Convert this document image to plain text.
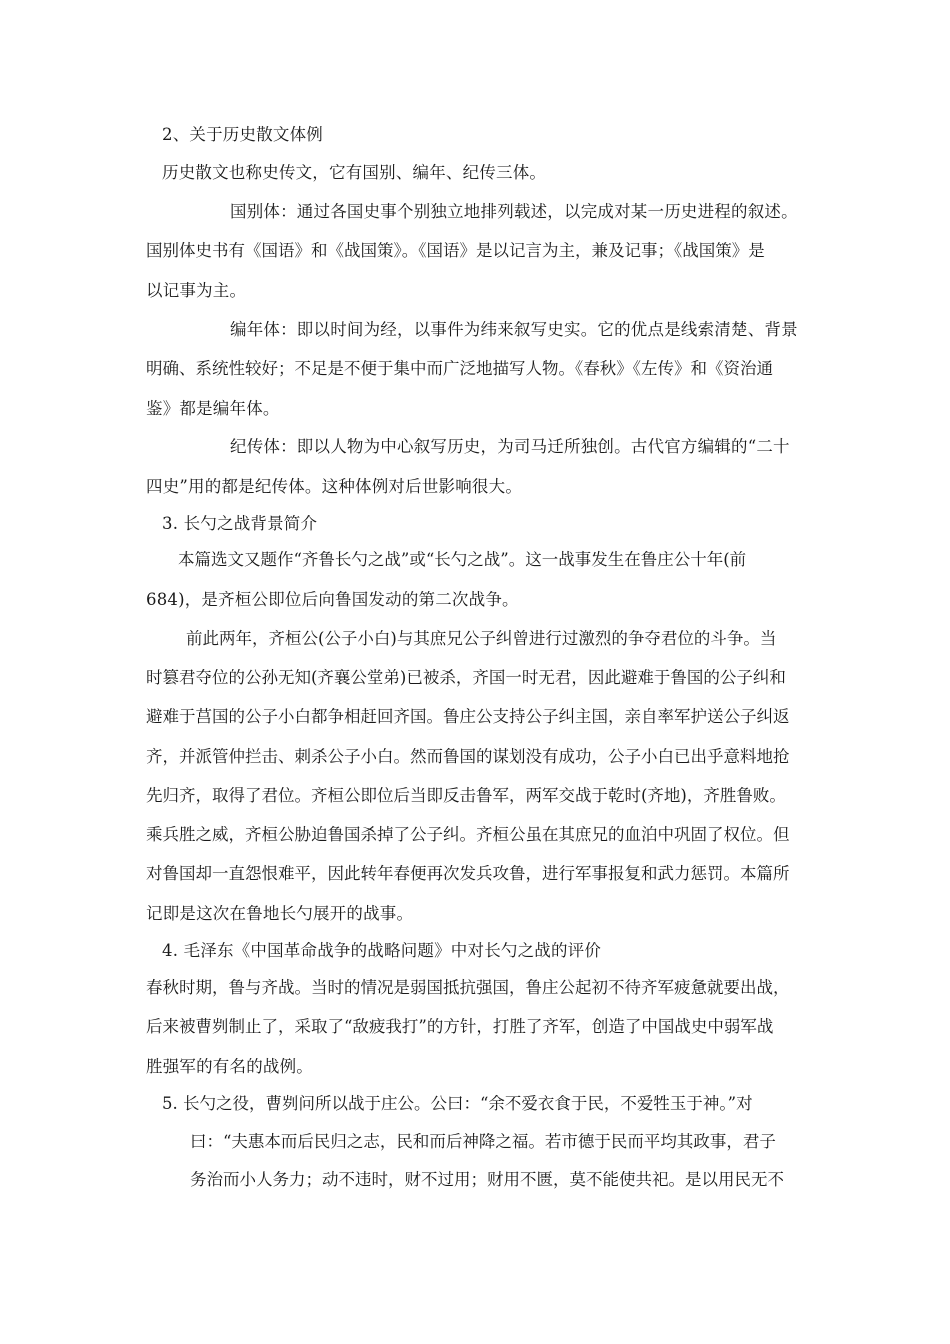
2、关于历史散文体例
历史散文也称史传文，它有国别、编年、纪传三体。
国别体：通过各国史事个别独立地排列载述，以完成对某一历史进程的叙述。
国别体史书有《国语》和《战国策》。《国语》是以记言为主，兼及记事；《战国策》是
以记事为主。
编年体：即以时间为经，以事件为纬来叙写史实。它的优点是线索清楚、背景
明确、系统性较好；不足是不便于集中而广泛地描写人物。《春秋》《左传》和《资治通
鉴》都是编年体。
纪传体：即以人物为中心叙写历史，为司马迁所独创。古代官方编辑的“二十
四史”用的都是纪传体。这种体例对后世影响很大。
3. 长勺之战背景简介
本篇选文又题作“齐鲁长勺之战”或“长勺之战”。这一战事发生在鲁庄公十年(前
684)，是齐桓公即位后向鲁国发动的第二次战争。
前此两年，齐桓公(公子小白)与其庶兄公子纠曾进行过激烈的争夺君位的斗争。当
时篡君夺位的公孙无知(齐襄公堂弟)已被杀，齐国一时无君，因此避难于鲁国的公子纠和
避难于莒国的公子小白都争相赶回齐国。鲁庄公支持公子纠主国，亲自率军护送公子纠返
齐，并派管仲拦击、刺杀公子小白。然而鲁国的谋划没有成功，公子小白已出乎意料地抢
先归齐，取得了君位。齐桓公即位后当即反击鲁军，两军交战于乾时(齐地)，齐胜鲁败。
乘兵胜之威，齐桓公胁迫鲁国杀掉了公子纠。齐桓公虽在其庶兄的血泊中巩固了权位。但
对鲁国却一直怨恨难平，因此转年春便再次发兵攻鲁，进行军事报复和武力惩罚。本篇所
记即是这次在鲁地长勺展开的战事。
4. 毛泽东《中国革命战争的战略问题》中对长勺之战的评价
春秋时期，鲁与齐战。当时的情况是弱国抵抗强国，鲁庄公起初不待齐军疲惫就要出战，
后来被曹刿制止了，采取了“敌疲我打”的方针，打胜了齐军，创造了中国战史中弱军战
胜强军的有名的战例。
5. 长勺之役，曹刿问所以战于庄公。公曰：“余不爱衣食于民，不爱牲玉于神。”对
曰：“夫惠本而后民归之志，民和而后神降之福。若市德于民而平均其政事，君子
务治而小人务力；动不违时，财不过用；财用不匮，莫不能使共祀。是以用民无不
